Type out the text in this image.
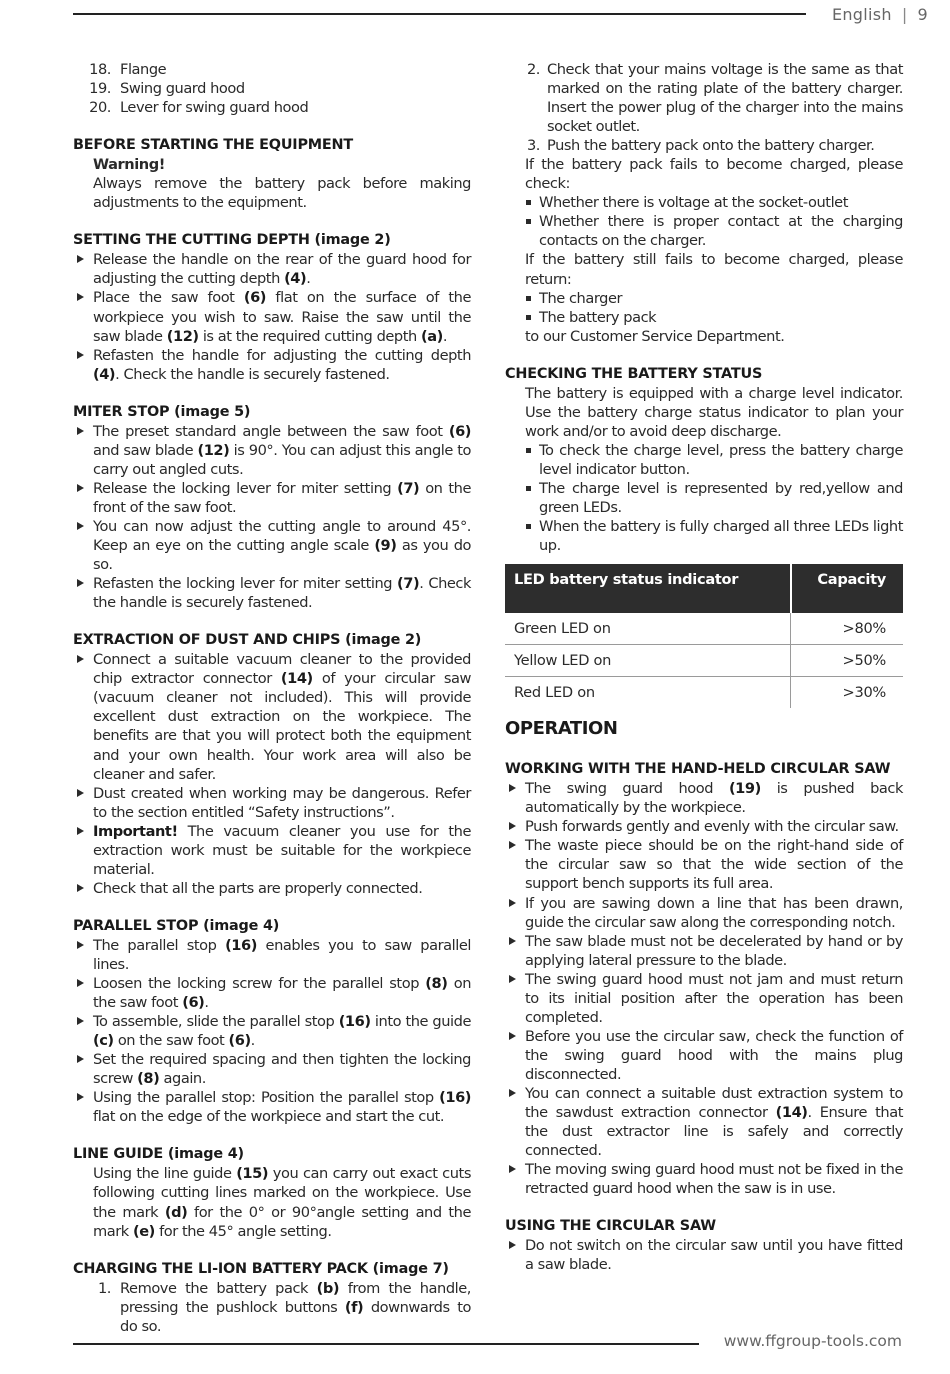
English | 9
18. Flange
19. Swing guard hood
20. Lever for swing guard hood
BEFORE STARTING THE EQUIPMENT

Warning!

Always remove the battery pack before making adjustments to the equipment.

SETTING THE CUTTING DEPTH (image 2)
Release the handle on the rear of the guard hood for adjusting the cutting depth (4).
Place the saw foot (6) flat on the surface of the workpiece you wish to saw. Raise the saw until the saw blade (12) is at the required cutting depth (a).
Refasten the handle for adjusting the cutting depth (4). Check the handle is securely fastened.
MITER STOP (image 5)
The preset standard angle between the saw foot (6) and saw blade (12) is 90°. You can adjust this angle to carry out angled cuts.
Release the locking lever for miter setting (7) on the front of the saw foot.
You can now adjust the cutting angle to around 45°. Keep an eye on the cutting angle scale (9) as you do so.
Refasten the locking lever for miter setting (7). Check the handle is securely fastened.
EXTRACTION OF DUST AND CHIPS (image 2)
Connect a suitable vacuum cleaner to the provided chip extractor connector (14) of your circular saw (vacuum cleaner not included). This will provide excellent dust extraction on the workpiece. The benefits are that you will protect both the equipment and your own health. Your work area will also be cleaner and safer.
Dust created when working may be dangerous. Refer to the section entitled “Safety instructions”.
Important! The vacuum cleaner you use for the extraction work must be suitable for the workpiece material.
Check that all the parts are properly connected.
PARALLEL STOP (image 4)
The parallel stop (16) enables you to saw parallel lines.
Loosen the locking screw for the parallel stop (8) on the saw foot (6).
To assemble, slide the parallel stop (16) into the guide (c) on the saw foot (6).
Set the required spacing and then tighten the locking screw (8) again.
Using the parallel stop: Position the parallel stop (16) flat on the edge of the workpiece and start the cut.
LINE GUIDE (image 4)

Using the line guide (15) you can carry out exact cuts following cutting lines marked on the workpiece. Use the mark (d) for the 0° or 90°angle setting and the mark (e) for the 45° angle setting.

CHARGING THE LI-ION BATTERY PACK (image 7)
1. Remove the battery pack (b) from the handle, pressing the pushlock buttons (f) downwards to do so.
2. Check that your mains voltage is the same as that marked on the rating plate of the battery charger. Insert the power plug of the charger into the mains socket outlet.
3. Push the battery pack onto the battery charger.

If the battery pack fails to become charged, please check:

Whether there is voltage at the socket-outlet
Whether there is proper contact at the charging contacts on the charger.

If the battery still fails to become charged, please return:

The charger
The battery pack

to our Customer Service Department.

CHECKING THE BATTERY STATUS

The battery is equipped with a charge level indicator. Use the battery charge status indicator to plan your work and/or to avoid deep discharge.

To check the charge level, press the battery charge level indicator button.
The charge level is represented by red,yellow and green LEDs.
When the battery is fully charged all three LEDs light up.
LED battery status indicator	Capacity
Green LED on	>80%
Yellow LED on	>50%
Red LED on	>30%
OPERATION
WORKING WITH THE HAND-HELD CIRCULAR SAW
The swing guard hood (19) is pushed back automatically by the workpiece.
Push forwards gently and evenly with the circular saw.
The waste piece should be on the right-hand side of the circular saw so that the wide section of the support bench supports its full area.
If you are sawing down a line that has been drawn, guide the circular saw along the corresponding notch.
The saw blade must not be decelerated by hand or by applying lateral pressure to the blade.
The swing guard hood must not jam and must return to its initial position after the operation has been completed.
Before you use the circular saw, check the function of the swing guard hood with the mains plug disconnected.
You can connect a suitable dust extraction system to the sawdust extraction connector (14). Ensure that the dust extractor line is safely and correctly connected.
The moving swing guard hood must not be fixed in the retracted guard hood when the saw is in use.
USING THE CIRCULAR SAW
Do not switch on the circular saw until you have fitted a saw blade.
www.ffgroup-tools.com
